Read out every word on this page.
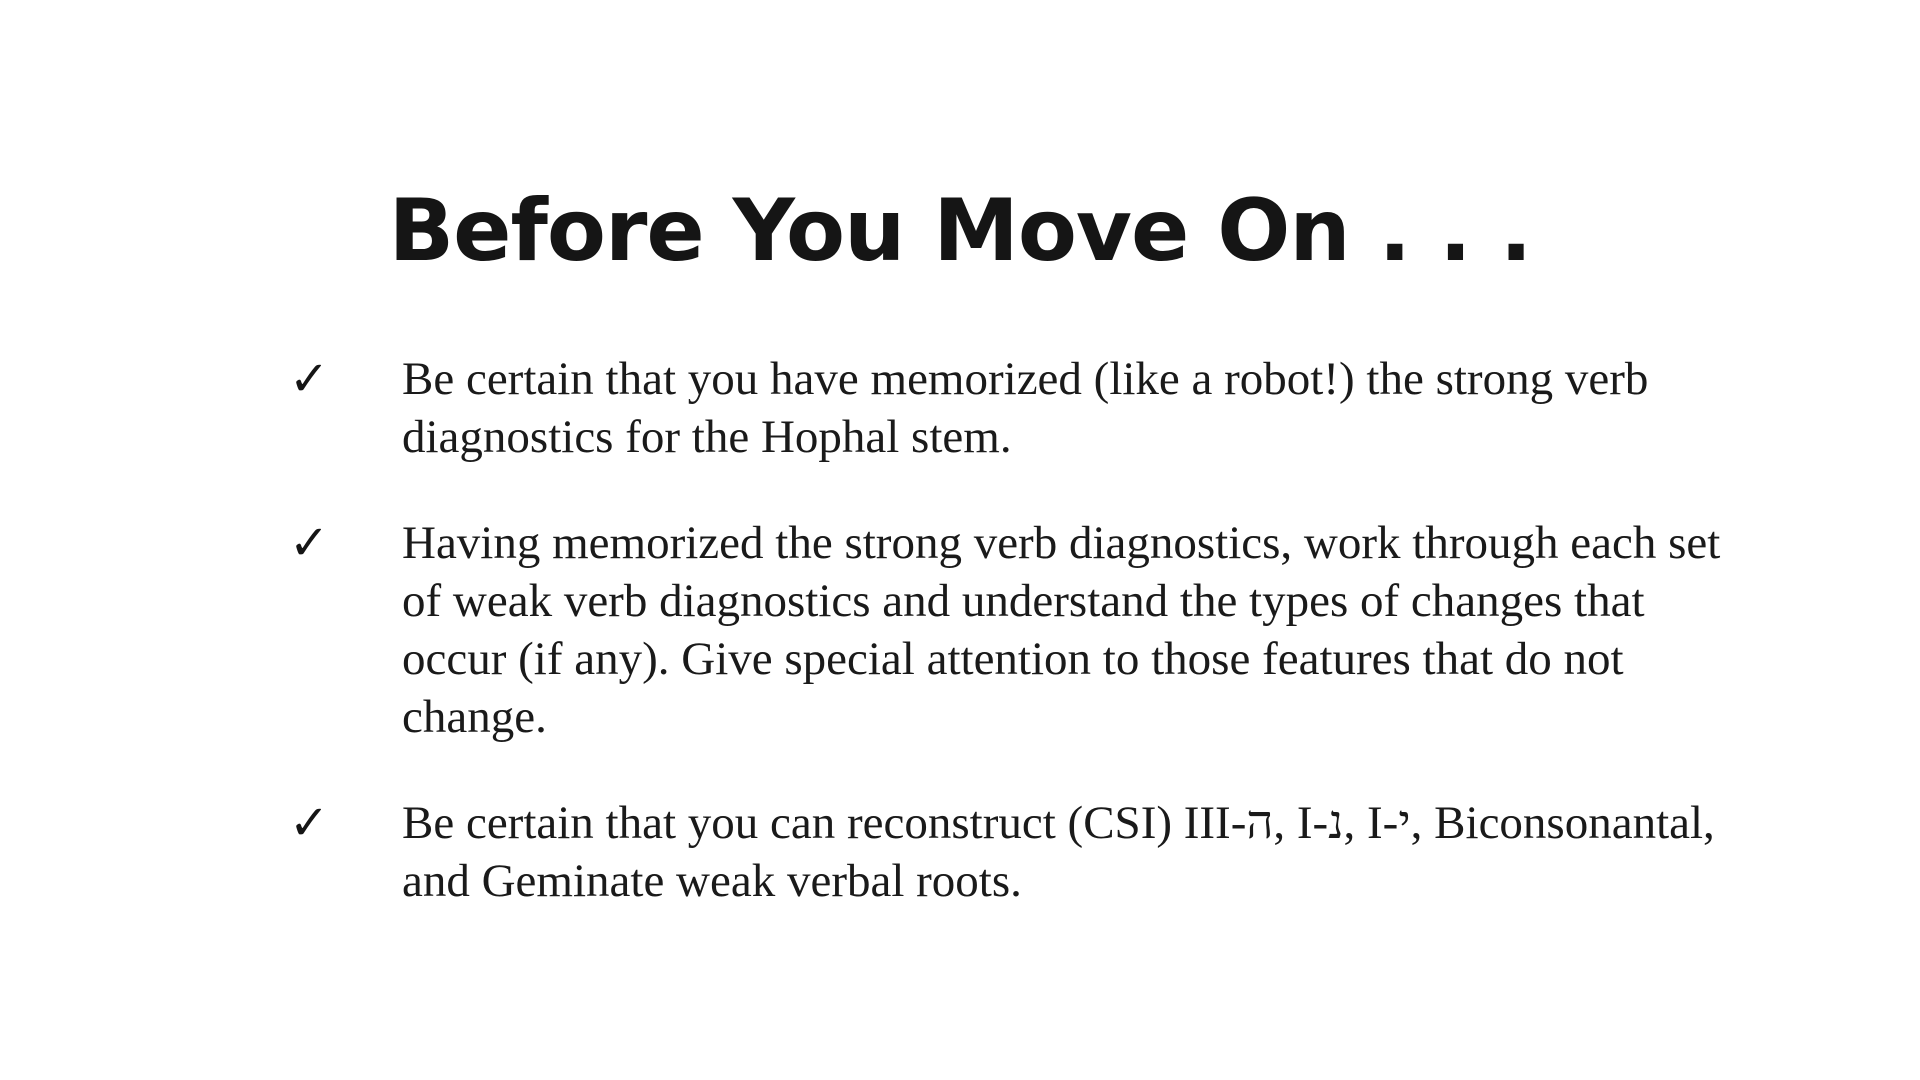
Before You Move On . . .
✓ Be certain that you have memorized (like a robot!) the strong verb diagnostics for the Hophal stem.
✓ Having memorized the strong verb diagnostics, work through each set of weak verb diagnostics and understand the types of changes that occur (if any). Give special attention to those features that do not change.
✓ Be certain that you can reconstruct (CSI) III-ה, I-נ, I-י, Biconsonantal, and Geminate weak verbal roots.
